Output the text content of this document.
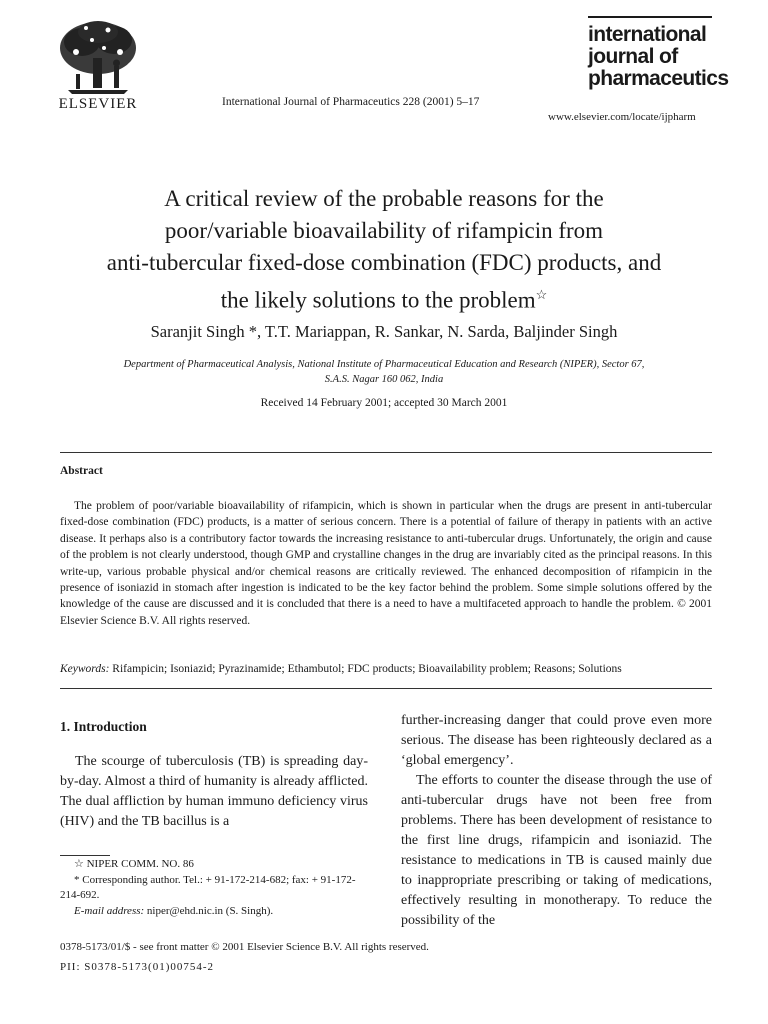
ELSEVIER	International Journal of Pharmaceutics 228 (2001) 5–17
international
journal of
pharmaceutics
www.elsevier.com/locate/ijpharm
A critical review of the probable reasons for the
poor/variable bioavailability of rifampicin from
anti-tubercular fixed-dose combination (FDC) products, and
the likely solutions to the problem☆
Saranjit Singh *, T.T. Mariappan, R. Sankar, N. Sarda, Baljinder Singh
Department of Pharmaceutical Analysis, National Institute of Pharmaceutical Education and Research (NIPER), Sector 67,
S.A.S. Nagar 160 062, India
Received 14 February 2001; accepted 30 March 2001
Abstract
The problem of poor/variable bioavailability of rifampicin, which is shown in particular when the drugs are present in anti-tubercular fixed-dose combination (FDC) products, is a matter of serious concern. There is a potential of failure of therapy in patients with an active disease. It perhaps also is a contributory factor towards the increasing resistance to anti-tubercular drugs. Unfortunately, the origin and cause of the problem is not clearly understood, though GMP and crystalline changes in the drug are invariably cited as the principal reasons. In this write-up, various probable physical and/or chemical reasons are critically reviewed. The enhanced decomposition of rifampicin in the presence of isoniazid in stomach after ingestion is indicated to be the key factor behind the problem. Some simple solutions offered by the knowledge of the cause are discussed and it is concluded that there is a need to have a multifaceted approach to handle the problem. © 2001 Elsevier Science B.V. All rights reserved.
Keywords: Rifampicin; Isoniazid; Pyrazinamide; Ethambutol; FDC products; Bioavailability problem; Reasons; Solutions
1. Introduction

The scourge of tuberculosis (TB) is spreading day-by-day. Almost a third of humanity is already afflicted. The dual affliction by human immuno deficiency virus (HIV) and the TB bacillus is a

further-increasing danger that could prove even more serious. The disease has been righteously declared as a ‘global emergency’.

The efforts to counter the disease through the use of anti-tubercular drugs have not been free from problems. There has been development of resistance to the first line drugs, rifampicin and isoniazid. The resistance to medications in TB is caused mainly due to inappropriate prescribing or taking of medications, effectively resulting in monotherapy. To reduce the possibility of the

☆ NIPER COMM. NO. 86

* Corresponding author. Tel.: + 91-172-214-682; fax: + 91-172-214-692.

E-mail address: niper@ehd.nic.in (S. Singh).

0378-5173/01/$ - see front matter © 2001 Elsevier Science B.V. All rights reserved.
PII: S0378-5173(01)00754-2
